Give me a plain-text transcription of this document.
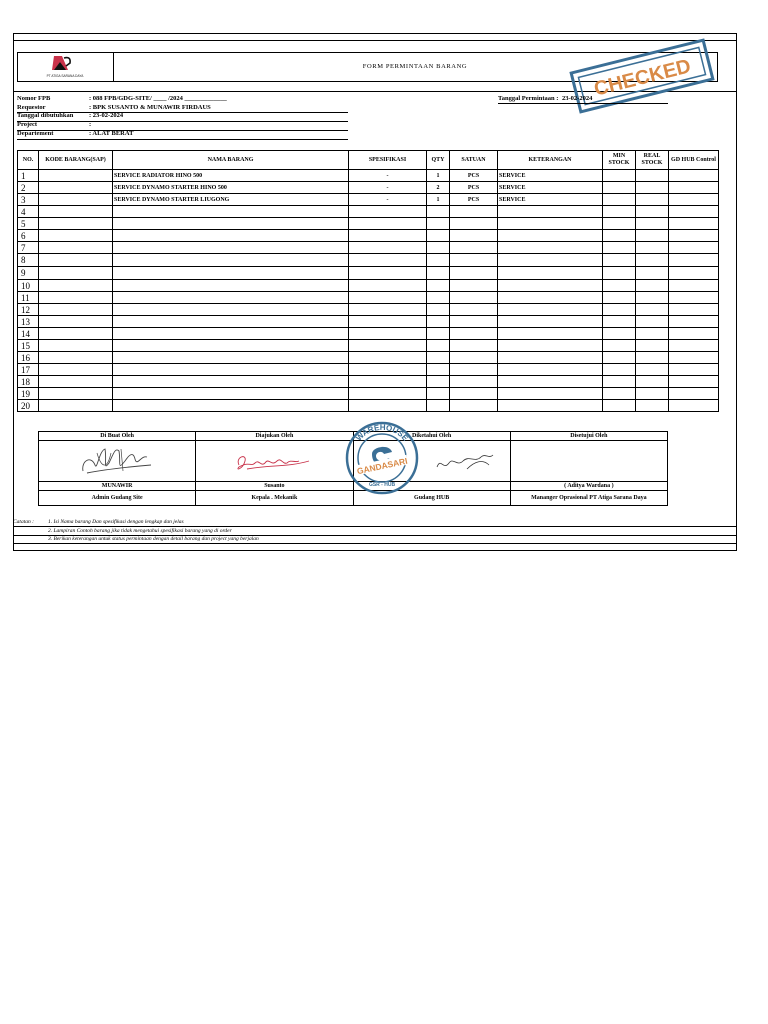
PT ATIGA SARANA DAYA
FORM PERMINTAAN BARANG	CHECKED
Nomor FPB	: 088 FPB/GDG-SITE/ ____ /2024 _____________
Requestor	: BPK SUSANTO & MUNAWIR FIRDAUS
Tanggal dibutuhkan : 23-02-2024
Project	:
Departement	: ALAT BERAT
Tanggal Permintaan : 23-02-2024
NO.	KODE BARANG(SAP)	NAMA BARANG	SPESIFIKASI	QTY	SATUAN	KETERANGAN	MIN STOCK	REAL STOCK	GD HUB Control
1		SERVICE RADIATOR HINO 500	-	1	PCS	SERVICE			
2		SERVICE DYNAMO STARTER HINO 500	-	2	PCS	SERVICE			
3		SERVICE DYNAMO STARTER LIUGONG	-	1	PCS	SERVICE			
4									
5									
6									
7									
8									
9									
10									
11									
12									
13									
14									
15									
16									
17									
18									
19									
20									
Di Buat Oleh	Diajukan Oleh	Diketahui Oleh	Disetujui Oleh

MUNAWIR	Susanto		( Aditya Wardana )
Admin Gudang Site	Kepala . Mekanik	Gudang HUB	Mananger Oprasional PT Atiga Sarana Daya
WAREHOUSE
GANDASARI
GSR - HUB
Catatan :	1. Isi Nama barang Dan spesifikasi dengan lengkap dan jelas
2. Lampiran Contoh barang jika tidak mengetahui spesifikasi barang yang di order
3. Berikan keterangan untuk status permintaan dengan detail barang dan project yang berjalan
